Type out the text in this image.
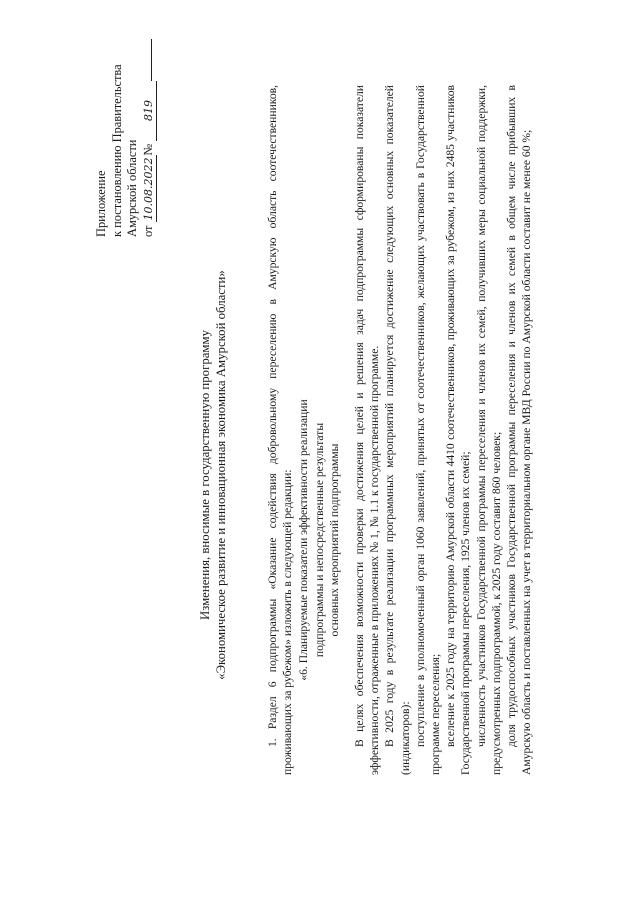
Приложение к постановлению Правительства Амурской области от 10.08.2022№ 819
Изменения, вносимые в государственную программу «Экономическое развитие и инновационная экономика Амурской области»	1. Раздел 6 подпрограммы «Оказание содействия добровольному переселению в Амурскую область соотечественников, проживающих за рубежом» изложить в следующей редакции: «6. Планируемые показатели эффективности реализации подпрограммы и непосредственные результаты основных мероприятий подпрограммы В целях обеспечения возможности проверки достижения целей и решения задач подпрограммы сформированы показатели эффективности, отраженные в приложениях № 1, № 1.1 к государственной программе. В 2025 году в результате реализации программных мероприятий планируется достижение следующих основных показателей (индикаторов): поступление в уполномоченный орган 1060 заявлений, принятых от соотечественников, желающих участвовать в Государственной программе переселения; вселение к 2025 году на территорию Амурской области 4410 соотечественников, проживающих за рубежом, из них 2485 участников Государственной программы переселения, 1925 членов их семей; численность участников Государственной программы переселения и членов их семей, получивших меры социальной поддержки, предусмотренных подпрограммой, к 2025 году составит 860 человек; доля трудоспособных участников Государственной программы переселения и членов их семей в общем числе прибывших в Амурскую область и поставленных на учет в территориальном органе МВД России по Амурской области составит не менее 60 %;
